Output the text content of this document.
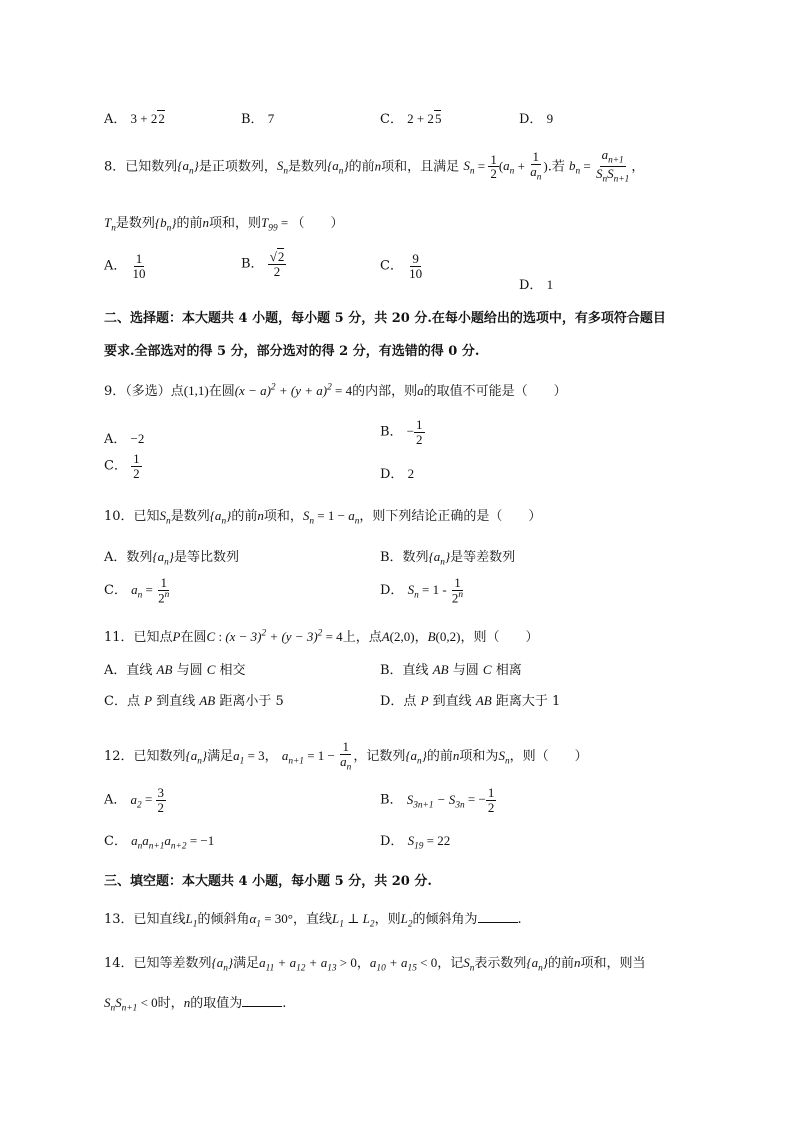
A． 3 + 22	B． 7	C． 2 + 25	D． 9
8．已知数列$\{a_n\}$是正项数列，$S_n$是数列$\{a_n\}$的前n项和，且满足 $S_n = \frac{1}{2} (a_n + \frac{1}{a_n}$ ).若 $b_n = \frac{a_{n+1}}{S_nS_{n+1}}$ ，
$T_n$是数列$\{b_n\}$的前n项和，则$T_{99}$ = （　　）
A． $\frac{1}{10}$	B． $\frac{√2}{2}$	C． $\frac{9}{10}$
D． 1
二、选择题：本大题共 4 小题，每小题 5 分，共 20 分.在每小题给出的选项中，有多项符合题目
要求.全部选对的得 5 分，部分选对的得 2 分，有选错的得 0 分.
9．（多选）点(1,1)在圆$(x - a)^2 + (y + a)^2 = 4$的内部，则a的取值不可能是（　　）
A． −2	B． − $\frac{1}{2}$
C． $\frac{1}{2}$	D． 2
10．已知$S_n$是数列$\{a_n\}$的前n项和，$S_n = 1 - a_n$，则下列结论正确的是（　　）
A．数列$\{a_n\}$是等比数列	B．数列$\{a_n\}$是等差数列
C． $a_n = \frac{1}{2^n}$	D． $S_n = 1 - \frac{1}{2^n}$
11．已知点P在圆C : $(x - 3)^2 + (y - 3)^2 = 4$上，点A(2,0)，B(0,2)，则（　　）
A．直线 AB 与圆 C 相交	B．直线 AB 与圆 C 相离
C．点 P 到直线 AB 距离小于 5	D．点 P 到直线 AB 距离大于 1
12．已知数列$\{a_n\}$满足$a_1 = 3$， $a_{n+1} = 1 - \frac{1}{a_n}$ ，记数列$\{a_n\}$的前n项和为$S_n$，则（　　）
A． $a_2 = \frac{3}{2}$	B． $S_{3n+1} - S_{3n}$ = − $\frac{1}{2}$
C． $a_na_{n+1}a_{n+2} = -1$	D． $S_{19} = 22$
三、填空题：本大题共 4 小题，每小题 5 分，共 20 分.
13．已知直线$L_1$的倾斜角$\alpha_1 = 30^\circ$，直线$L_1$ ⊥ $L_2$，则$L_2$的倾斜角为	.
14．已知等差数列$\{a_n\}$满足$a_{11} + a_{12} + a_{13} > 0$，$a_{10} + a_{15} < 0$，记$S_n$表示数列$\{a_n\}$的前n项和，则当
$S_nS_{n+1} < 0$时，n的取值为	.
